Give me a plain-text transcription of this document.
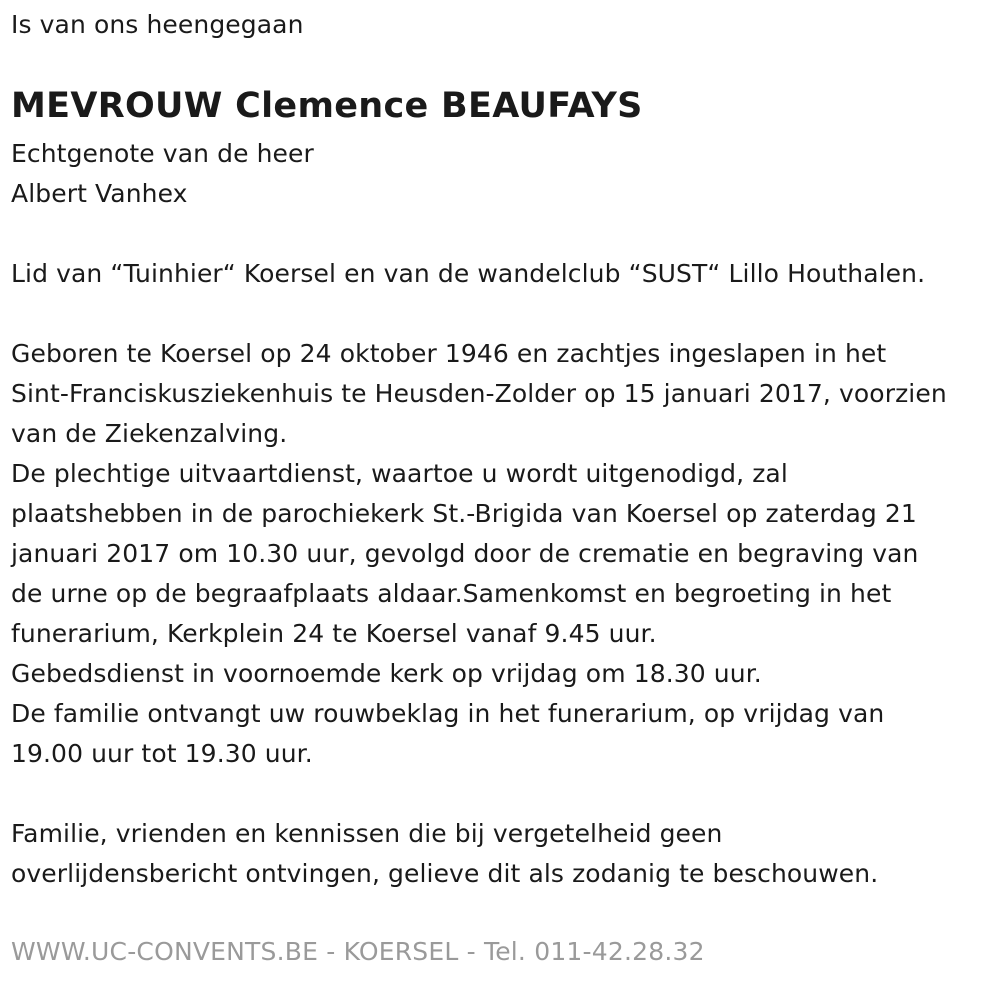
Is van ons heengegaan
MEVROUW Clemence BEAUFAYS
Echtgenote van de heer
Albert Vanhex
Lid van “Tuinhier“ Koersel en van de wandelclub “SUST“ Lillo Houthalen.
Geboren te Koersel op 24 oktober 1946 en zachtjes ingeslapen in het
Sint-Franciskusziekenhuis te Heusden-Zolder op 15 januari 2017, voorzien
van de Ziekenzalving.
De plechtige uitvaartdienst, waartoe u wordt uitgenodigd, zal
plaatshebben in de parochiekerk St.-Brigida van Koersel op zaterdag 21
januari 2017 om 10.30 uur, gevolgd door de crematie en begraving van
de urne op de begraafplaats aldaar.Samenkomst en begroeting in het
funerarium, Kerkplein 24 te Koersel vanaf 9.45 uur.
Gebedsdienst in voornoemde kerk op vrijdag om 18.30 uur.
De familie ontvangt uw rouwbeklag in het funerarium, op vrijdag van
19.00 uur tot 19.30 uur.
Familie, vrienden en kennissen die bij vergetelheid geen
overlijdensbericht ontvingen, gelieve dit als zodanig te beschouwen.
WWW.UC-CONVENTS.BE - KOERSEL - Tel. 011-42.28.32
